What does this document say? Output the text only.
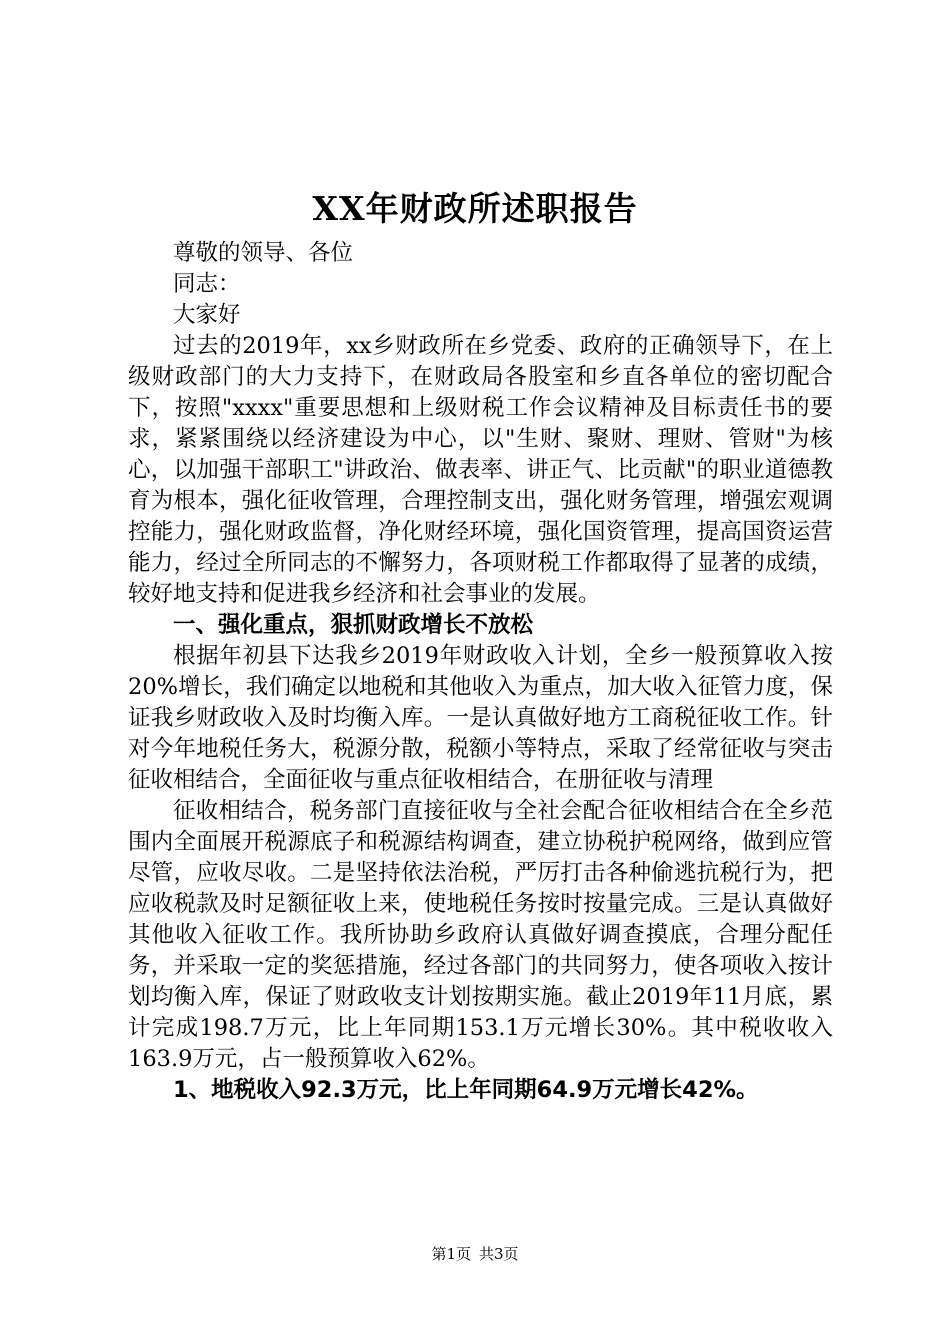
XX年财政所述职报告

尊敬的领导、各位

同志：

大家好

过去的2019年，xx乡财政所在乡党委、政府的正确领导下，在上级财政部门的大力支持下，在财政局各股室和乡直各单位的密切配合下，按照"xxxx"重要思想和上级财税工作会议精神及目标责任书的要求，紧紧围绕以经济建设为中心，以"生财、聚财、理财、管财"为核心，以加强干部职工"讲政治、做表率、讲正气、比贡献"的职业道德教育为根本，强化征收管理，合理控制支出，强化财务管理，增强宏观调控能力，强化财政监督，净化财经环境，强化国资管理，提高国资运营能力，经过全所同志的不懈努力，各项财税工作都取得了显著的成绩，较好地支持和促进我乡经济和社会事业的发展。

一、强化重点，狠抓财政增长不放松

根据年初县下达我乡2019年财政收入计划，全乡一般预算收入按20%增长，我们确定以地税和其他收入为重点，加大收入征管力度，保证我乡财政收入及时均衡入库。一是认真做好地方工商税征收工作。针对今年地税任务大，税源分散，税额小等特点，采取了经常征收与突击征收相结合，全面征收与重点征收相结合，在册征收与清理

征收相结合，税务部门直接征收与全社会配合征收相结合在全乡范围内全面展开税源底子和税源结构调查，建立协税护税网络，做到应管尽管，应收尽收。二是坚持依法治税，严厉打击各种偷逃抗税行为，把应收税款及时足额征收上来，使地税任务按时按量完成。三是认真做好其他收入征收工作。我所协助乡政府认真做好调查摸底，合理分配任务，并采取一定的奖惩措施，经过各部门的共同努力，使各项收入按计划均衡入库，保证了财政收支计划按期实施。截止2019年11月底，累计完成198.7万元，比上年同期153.1万元增长30%。其中税收收入163.9万元，占一般预算收入62%。

1、地税收入92.3万元，比上年同期64.9万元增长42%。

第1页 共3页
